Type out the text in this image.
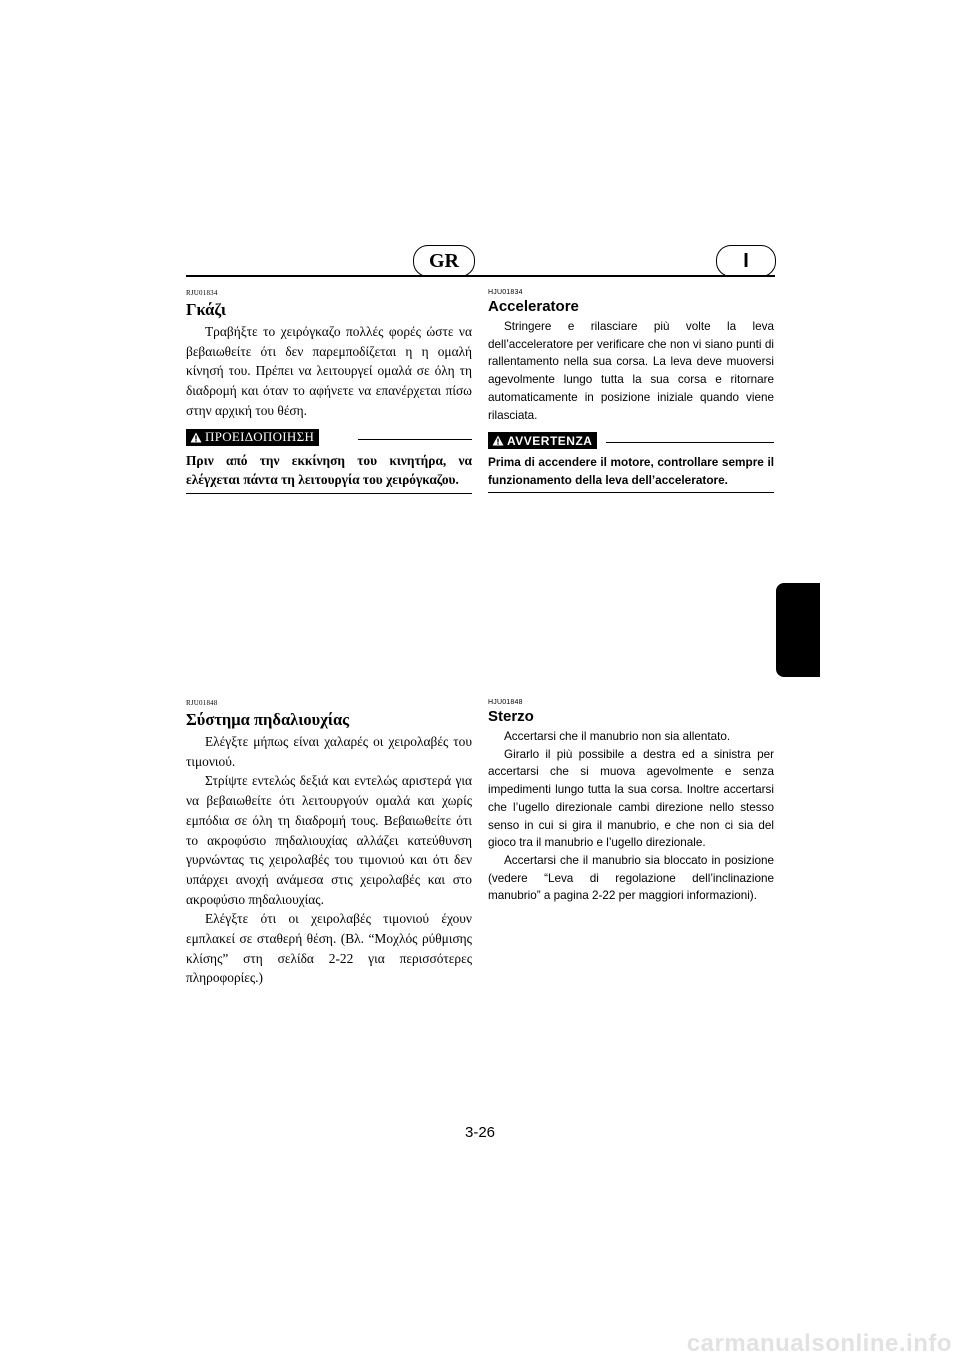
GR	I
RJU01834
Γκάζι

Τραβήξτε το χειρόγκαζο πολλές φορές ώστε να βεβαιωθείτε ότι δεν παρεμποδίζεται η η ομαλή κίνησή του. Πρέπει να λειτουργεί ομαλά σε όλη τη διαδρομή και όταν το αφήνετε να επανέρχεται πίσω στην αρχική του θέση.

ΠΡΟΕΙΔΟΠΟΙΗΣΗ

Πριν από την εκκίνηση του κινητήρα, να ελέγχεται πάντα τη λειτουργία του χειρόγκαζου.

HJU01834
Acceleratore

Stringere e rilasciare più volte la leva dell’acceleratore per verificare che non vi siano punti di rallentamento nella sua corsa. La leva deve muoversi agevolmente lungo tutta la sua corsa e ritornare automaticamente in posizione iniziale quando viene rilasciata.

AVVERTENZA

Prima di accendere il motore, controllare sempre il funzionamento della leva dell’acceleratore.

RJU01848
Σύστημα πηδαλιουχίας

Ελέγξτε μήπως είναι χαλαρές οι χειρολαβές του τιμονιού.

Στρίψτε εντελώς δεξιά και εντελώς αριστερά για να βεβαιωθείτε ότι λειτουργούν ομαλά και χωρίς εμπόδια σε όλη τη διαδρομή τους. Βεβαιωθείτε ότι το ακροφύσιο πηδαλιουχίας αλλάζει κατεύθυνση γυρνώντας τις χειρολαβές του τιμονιού και ότι δεν υπάρχει ανοχή ανάμεσα στις χειρολαβές και στο ακροφύσιο πηδαλιουχίας.

Ελέγξτε ότι οι χειρολαβές τιμονιού έχουν εμπλακεί σε σταθερή θέση. (Βλ. “Μοχλός ρύθμισης κλίσης” στη σελίδα 2-22 για περισσότερες πληροφορίες.)

HJU01848
Sterzo

Accertarsi che il manubrio non sia allentato.

Girarlo il più possibile a destra ed a sinistra per accertarsi che si muova agevolmente e senza impedimenti lungo tutta la sua corsa. Inoltre accertarsi che l’ugello direzionale cambi direzione nello stesso senso in cui si gira il manubrio, e che non ci sia del gioco tra il manubrio e l’ugello direzionale.

Accertarsi che il manubrio sia bloccato in posizione (vedere “Leva di regolazione dell’inclinazione manubrio” a pagina 2-22 per maggiori informazioni).

3-26
carmanualsonline.info
